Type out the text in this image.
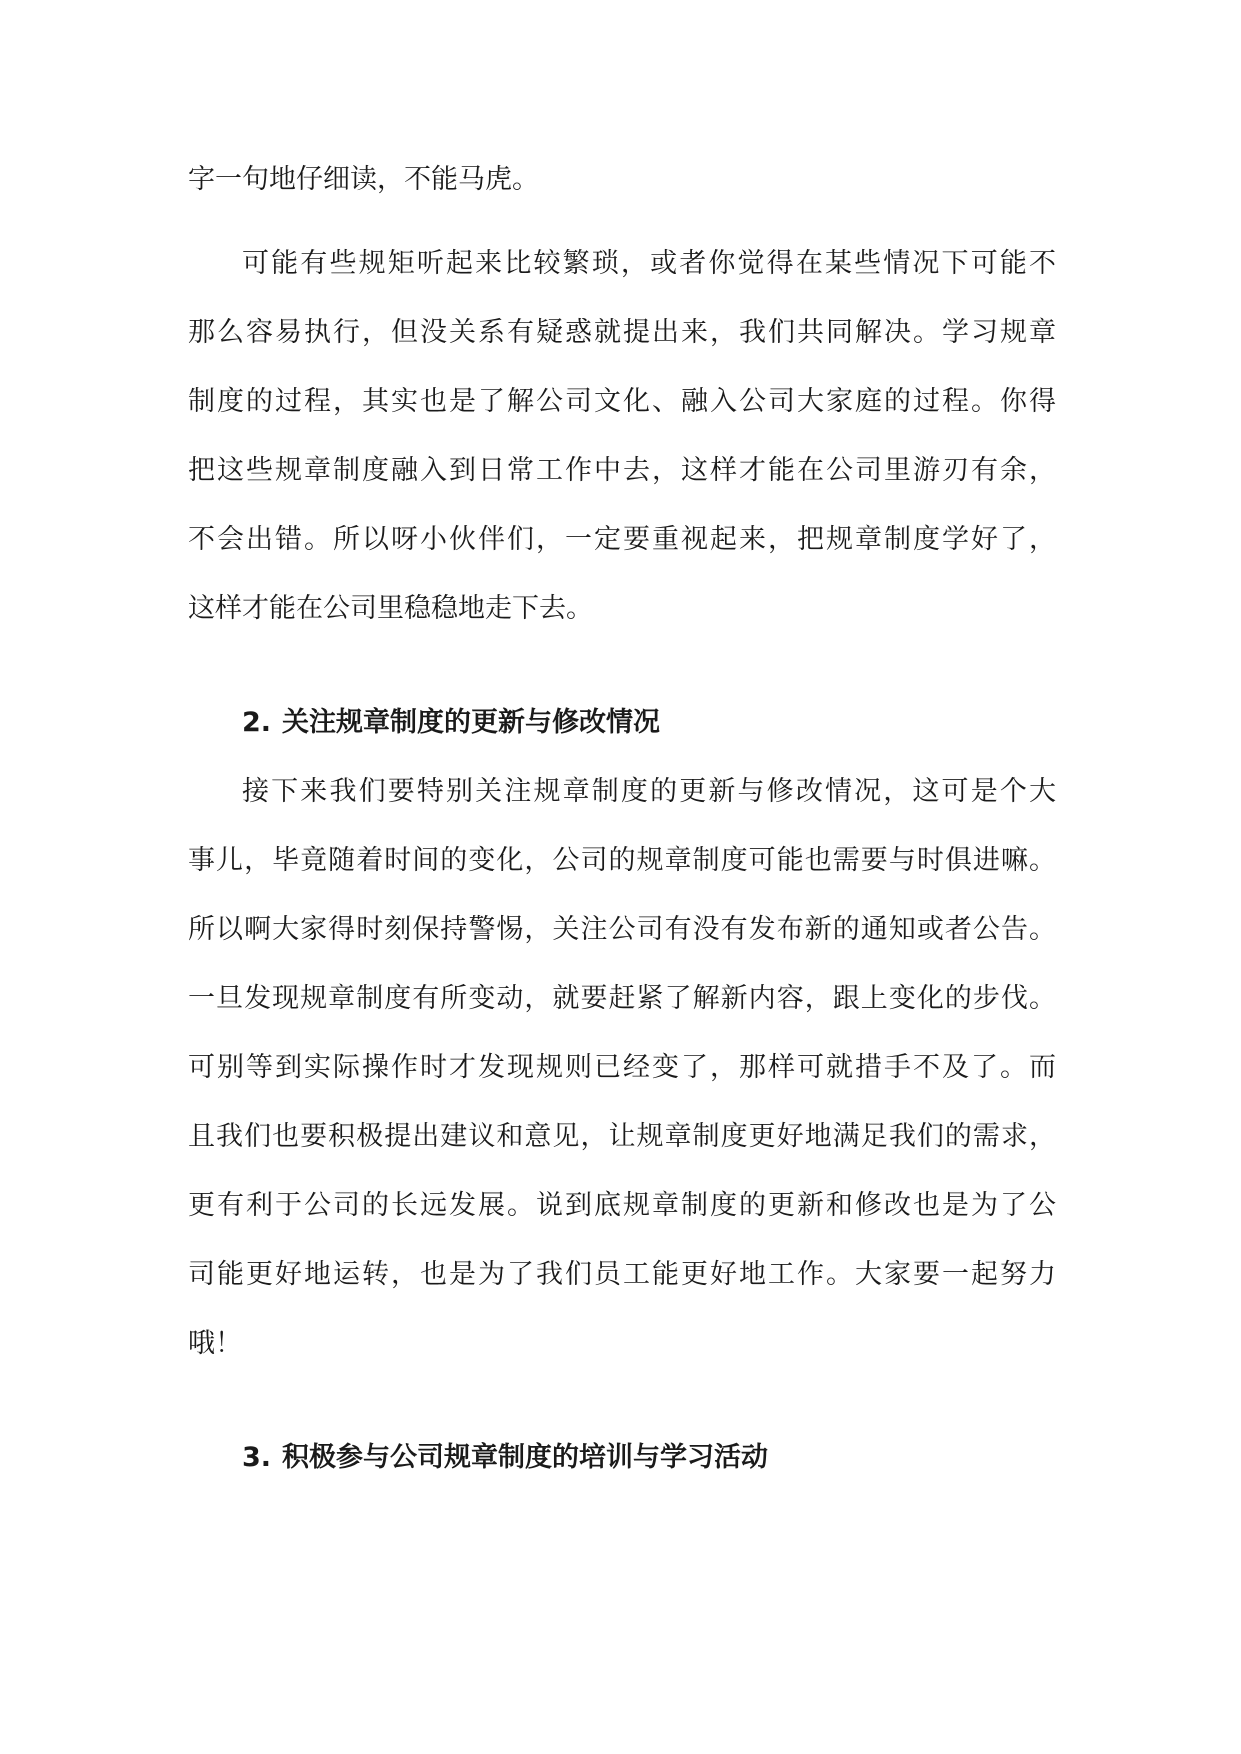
字一句地仔细读，不能马虎。
可能有些规矩听起来比较繁琐，或者你觉得在某些情况下可能不
那么容易执行，但没关系有疑惑就提出来，我们共同解决。学习规章
制度的过程，其实也是了解公司文化、融入公司大家庭的过程。你得
把这些规章制度融入到日常工作中去，这样才能在公司里游刃有余，
不会出错。所以呀小伙伴们，一定要重视起来，把规章制度学好了，
这样才能在公司里稳稳地走下去。
2. 关注规章制度的更新与修改情况
接下来我们要特别关注规章制度的更新与修改情况，这可是个大
事儿，毕竟随着时间的变化，公司的规章制度可能也需要与时俱进嘛。
所以啊大家得时刻保持警惕，关注公司有没有发布新的通知或者公告。
一旦发现规章制度有所变动，就要赶紧了解新内容，跟上变化的步伐。
可别等到实际操作时才发现规则已经变了，那样可就措手不及了。而
且我们也要积极提出建议和意见，让规章制度更好地满足我们的需求，
更有利于公司的长远发展。说到底规章制度的更新和修改也是为了公
司能更好地运转，也是为了我们员工能更好地工作。大家要一起努力
哦！
3. 积极参与公司规章制度的培训与学习活动
